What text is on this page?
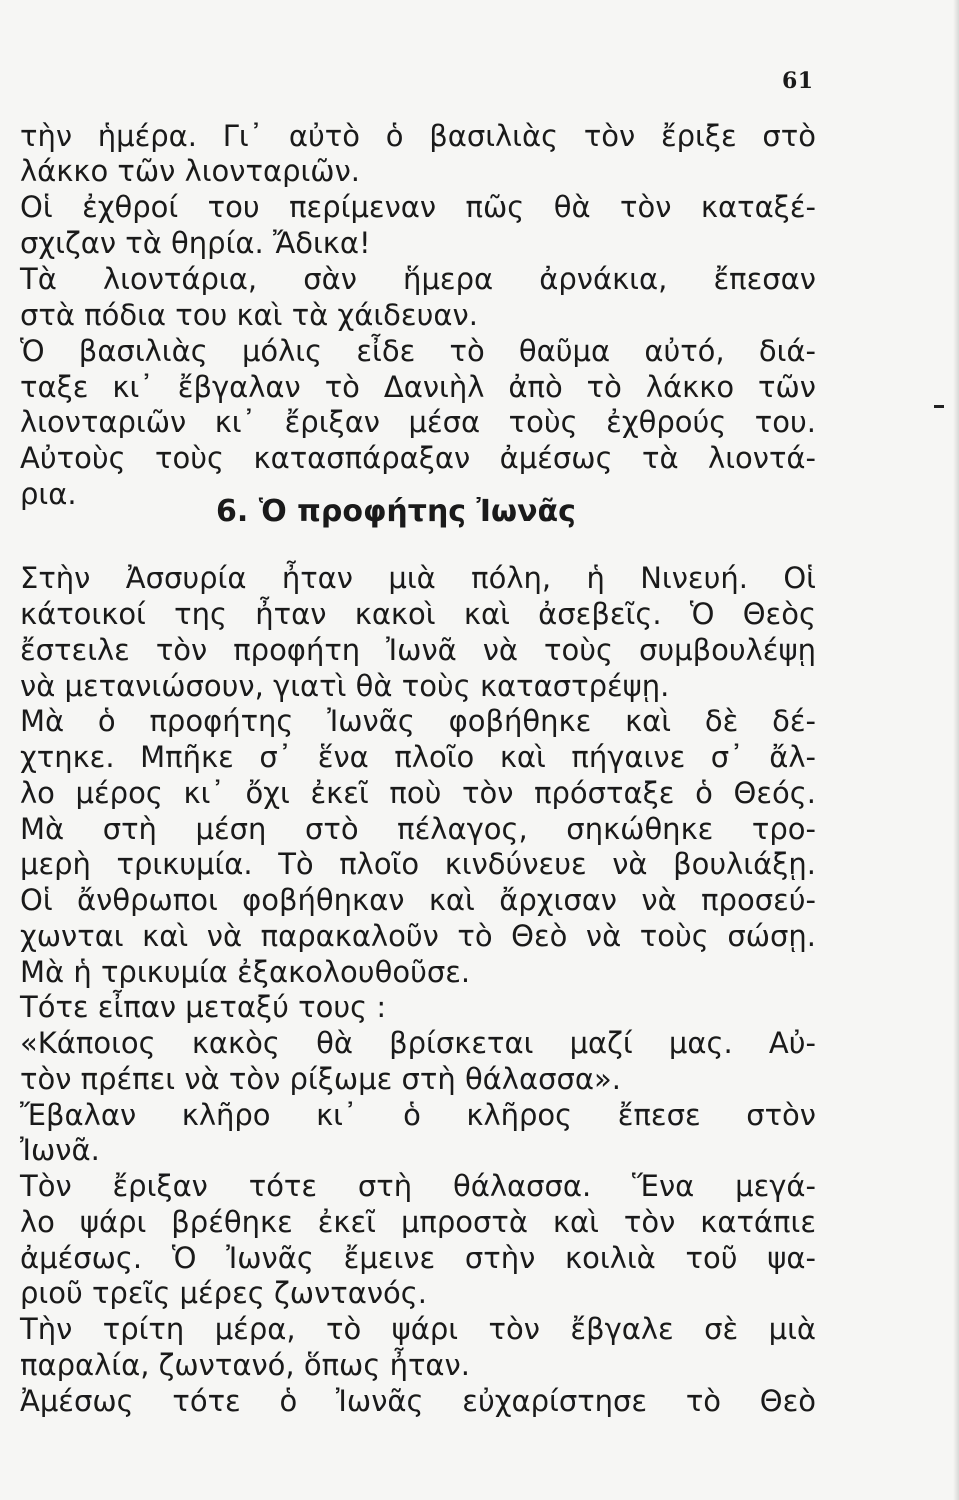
61
τὴν ἡμέρα. Γι᾽ αὐτὸ ὁ βασιλιὰς τὸν ἔριξε στὸ
λάκκο τῶν λιονταριῶν.
Οἱ ἐχθροί του περίμεναν πῶς θὰ τὸν καταξέ-
σχιζαν τὰ θηρία. Ἄδικα!
Τὰ λιοντάρια, σὰν ἥμερα ἀρνάκια, ἔπεσαν
στὰ πόδια του καὶ τὰ χάιδευαν.
Ὁ βασιλιὰς μόλις εἶδε τὸ θαῦμα αὐτό, διά-
ταξε κι᾽ ἔβγαλαν τὸ Δανιὴλ ἀπὸ τὸ λάκκο τῶν
λιονταριῶν κι᾽ ἔριξαν μέσα τοὺς ἐχθρούς του.
Αὐτοὺς τοὺς κατασπάραξαν ἀμέσως τὰ λιοντά-
ρια.	6. Ὁ προφήτης Ἰωνᾶς
Στὴν Ἀσσυρία ἦταν μιὰ πόλη, ἡ Νινευή. Οἱ
κάτοικοί της ἦταν κακοὶ καὶ ἀσεβεῖς. Ὁ Θεὸς
ἔστειλε τὸν προφήτη Ἰωνᾶ νὰ τοὺς συμβουλέψῃ
νὰ μετανιώσουν, γιατὶ θὰ τοὺς καταστρέψῃ.
Μὰ ὁ προφήτης Ἰωνᾶς φοβήθηκε καὶ δὲ δέ-
χτηκε. Μπῆκε σ᾽ ἕνα πλοῖο καὶ πήγαινε σ᾽ ἄλ-
λο μέρος κι᾽ ὄχι ἐκεῖ ποὺ τὸν πρόσταξε ὁ Θεός.
Μὰ στὴ μέση στὸ πέλαγος, σηκώθηκε τρο-
μερὴ τρικυμία. Τὸ πλοῖο κινδύνευε νὰ βουλιάξῃ.
Οἱ ἄνθρωποι φοβήθηκαν καὶ ἄρχισαν νὰ προσεύ-
χωνται καὶ νὰ παρακαλοῦν τὸ Θεὸ νὰ τοὺς σώσῃ.
Μὰ ἡ τρικυμία ἐξακολουθοῦσε.
Τότε εἶπαν μεταξύ τους :
«Κάποιος κακὸς θὰ βρίσκεται μαζί μας. Αὐ-
τὸν πρέπει νὰ τὸν ρίξωμε στὴ θάλασσα».
Ἔβαλαν κλῆρο κι᾽ ὁ κλῆρος ἔπεσε στὸν
Ἰωνᾶ.
Τὸν ἔριξαν τότε στὴ θάλασσα. Ἕνα μεγά-
λο ψάρι βρέθηκε ἐκεῖ μπροστὰ καὶ τὸν κατάπιε
ἀμέσως. Ὁ Ἰωνᾶς ἔμεινε στὴν κοιλιὰ τοῦ ψα-
ριοῦ τρεῖς μέρες ζωντανός.
Τὴν τρίτη μέρα, τὸ ψάρι τὸν ἔβγαλε σὲ μιὰ
παραλία, ζωντανό, ὅπως ἦταν.
Ἀμέσως τότε ὁ Ἰωνᾶς εὐχαρίστησε τὸ Θεὸ
